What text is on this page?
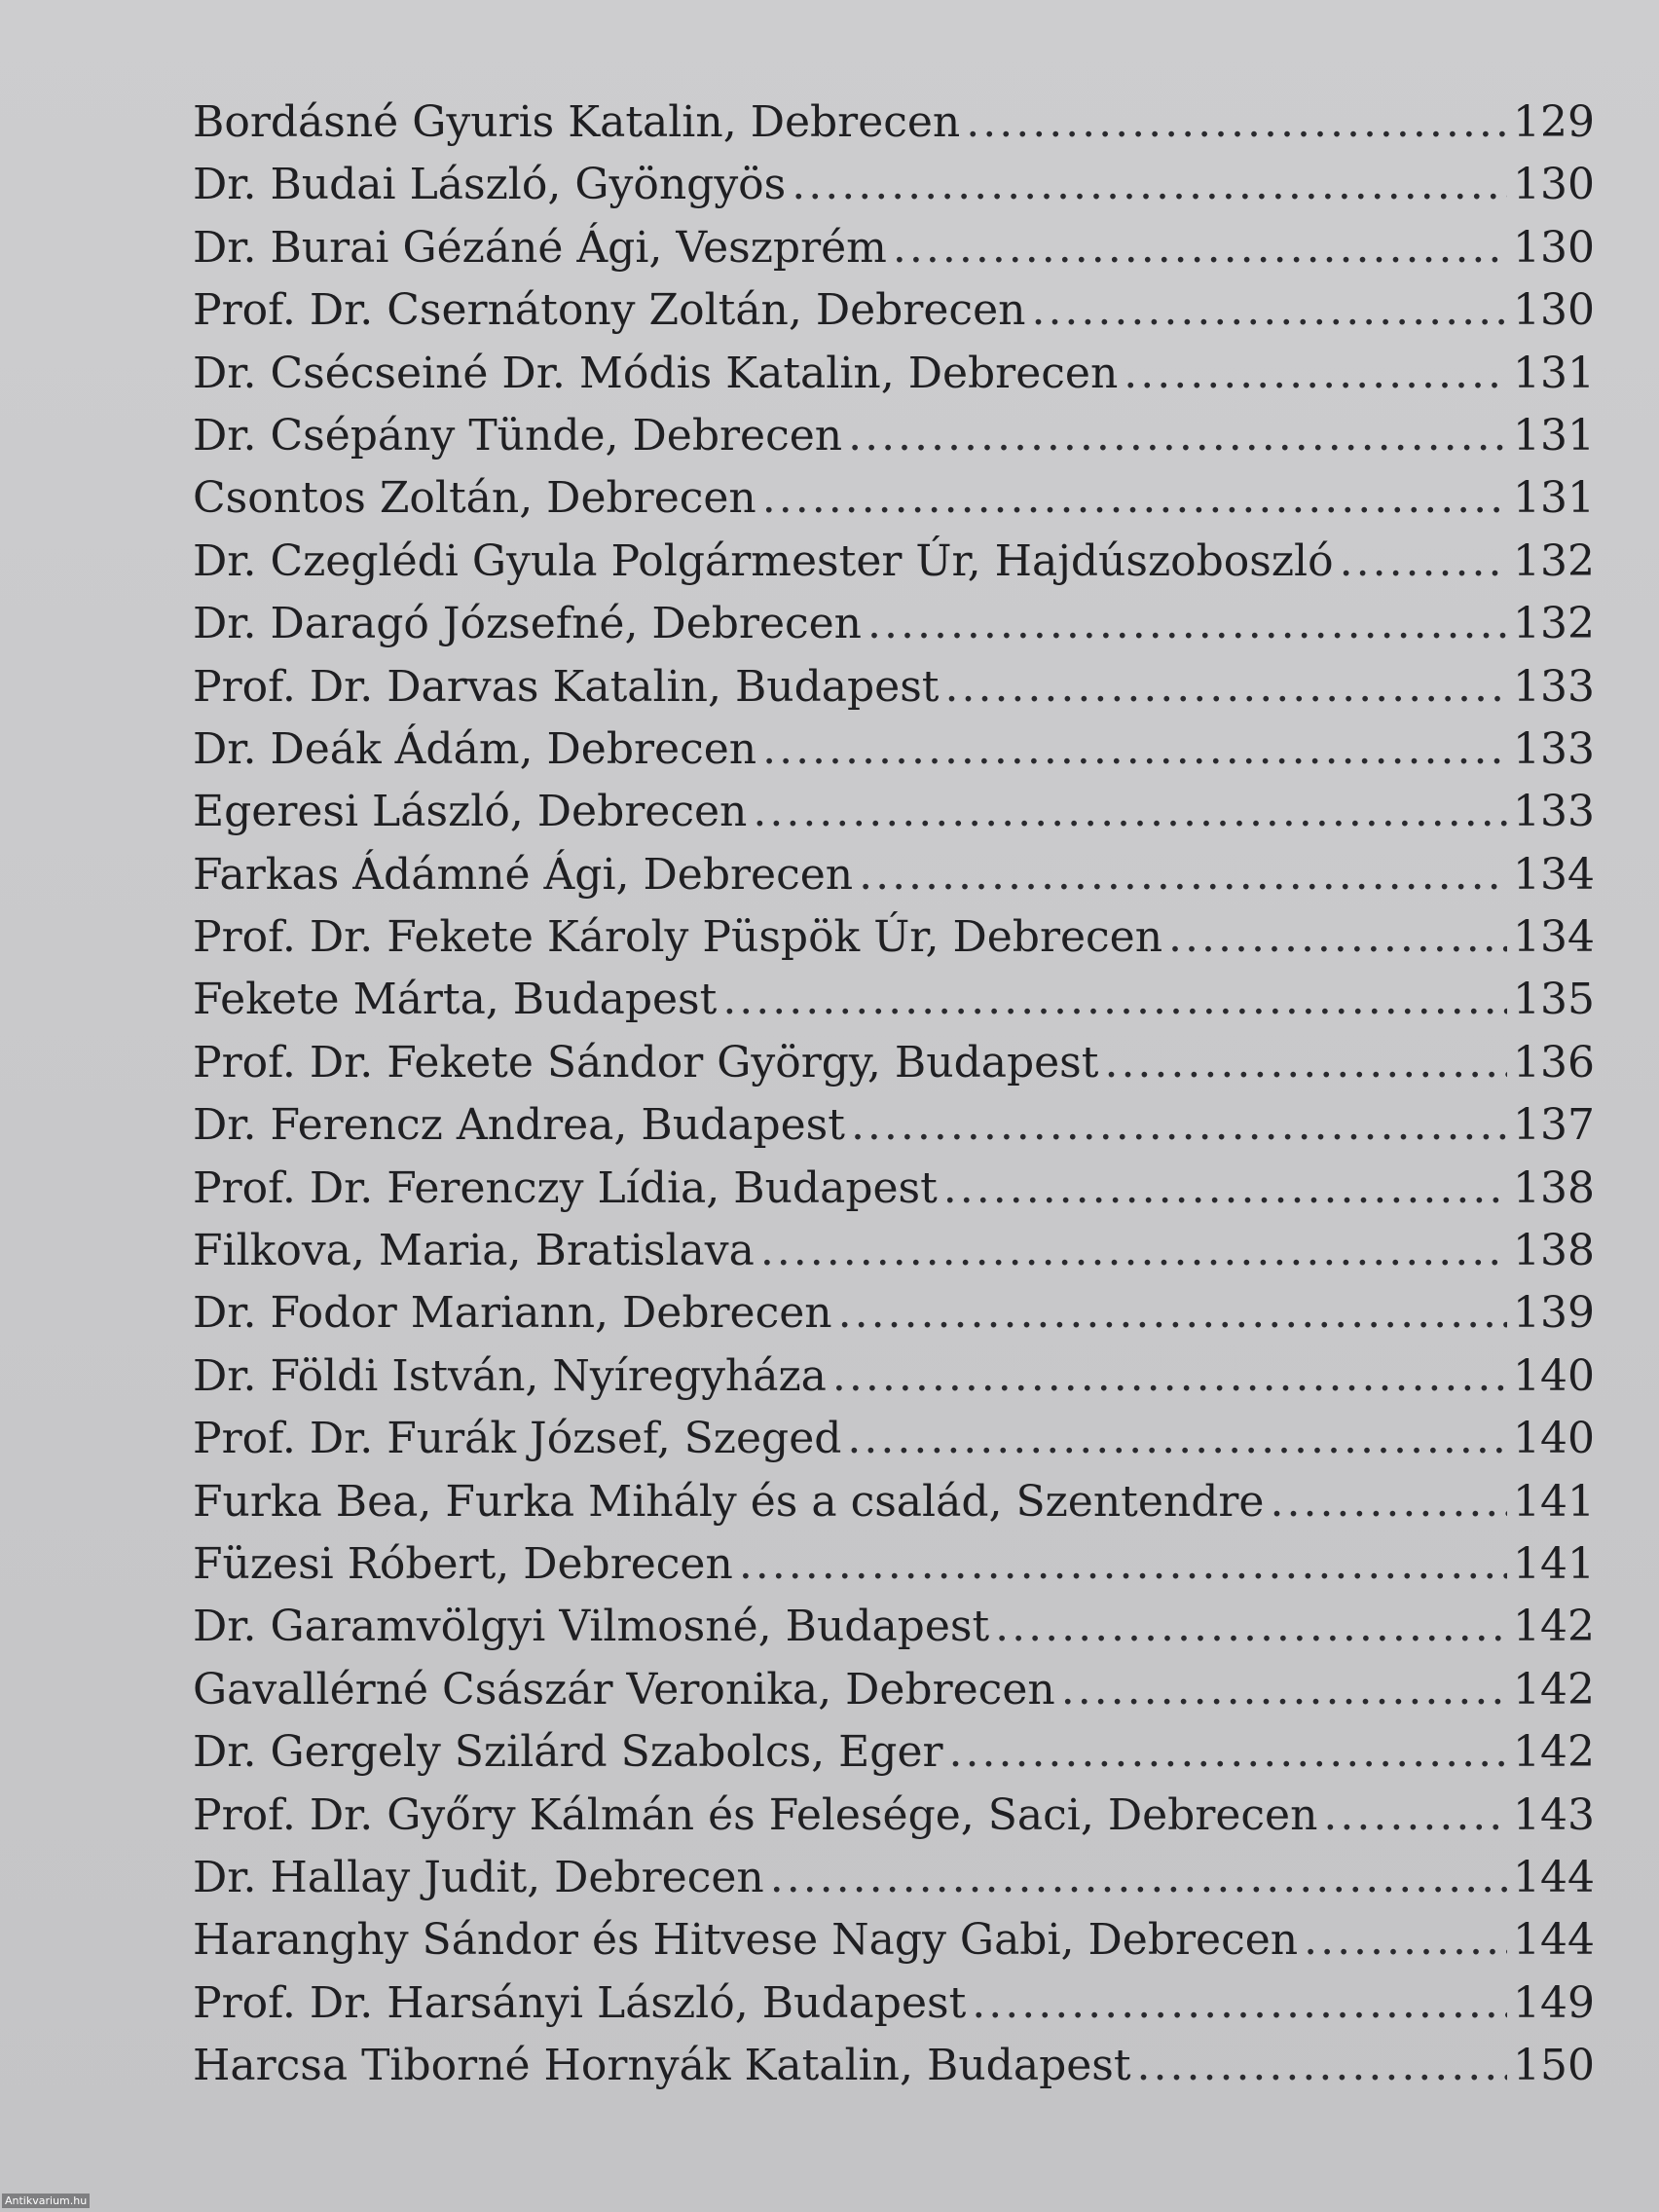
Bordásné Gyuris Katalin, Debrecen .....	129
Dr. Budai László, Gyöngyös .....	130
Dr. Burai Gézáné Ági, Veszprém .....	130
Prof. Dr. Csernátony Zoltán, Debrecen .....	130
Dr. Csécseiné Dr. Módis Katalin, Debrecen .....	131
Dr. Csépány Tünde, Debrecen .....	131
Csontos Zoltán, Debrecen .....	131
Dr. Czeglédi Gyula Polgármester Úr, Hajdúszoboszló .....	132
Dr. Daragó Józsefné, Debrecen .....	132
Prof. Dr. Darvas Katalin, Budapest .....	133
Dr. Deák Ádám, Debrecen .....	133
Egeresi László, Debrecen .....	133
Farkas Ádámné Ági, Debrecen .....	134
Prof. Dr. Fekete Károly Püspök Úr, Debrecen .....	134
Fekete Márta, Budapest .....	135
Prof. Dr. Fekete Sándor György, Budapest .....	136
Dr. Ferencz Andrea, Budapest .....	137
Prof. Dr. Ferenczy Lídia, Budapest .....	138
Filkova, Maria, Bratislava .....	138
Dr. Fodor Mariann, Debrecen .....	139
Dr. Földi István, Nyíregyháza .....	140
Prof. Dr. Furák József, Szeged .....	140
Furka Bea, Furka Mihály és a család, Szentendre .....	141
Füzesi Róbert, Debrecen .....	141
Dr. Garamvölgyi Vilmosné, Budapest .....	142
Gavallérné Császár Veronika, Debrecen .....	142
Dr. Gergely Szilárd Szabolcs, Eger .....	142
Prof. Dr. Győry Kálmán és Felesége, Saci, Debrecen .....	143
Dr. Hallay Judit, Debrecen .....	144
Haranghy Sándor és Hitvese Nagy Gabi, Debrecen .....	144
Prof. Dr. Harsányi László, Budapest .....	149
Harcsa Tiborné Hornyák Katalin, Budapest .....	150
Antikvarium.hu
